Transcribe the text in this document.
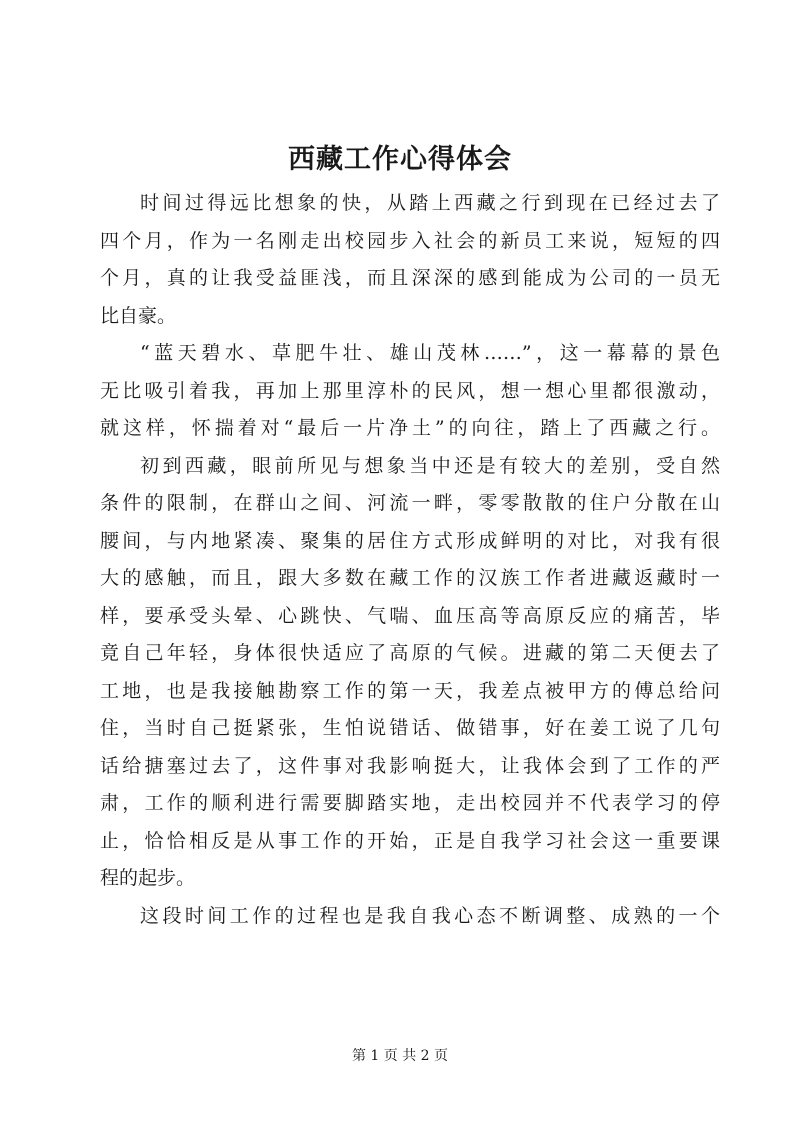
西藏工作心得体会
时间过得远比想象的快，从踏上西藏之行到现在已经过去了
四个月，作为一名刚走出校园步入社会的新员工来说，短短的四
个月，真的让我受益匪浅，而且深深的感到能成为公司的一员无
比自豪。
“蓝天碧水、草肥牛壮、雄山茂林……”，这一幕幕的景色
无比吸引着我，再加上那里淳朴的民风，想一想心里都很激动，
就这样，怀揣着对“最后一片净土”的向往，踏上了西藏之行。
初到西藏，眼前所见与想象当中还是有较大的差别，受自然
条件的限制，在群山之间、河流一畔，零零散散的住户分散在山
腰间，与内地紧凑、聚集的居住方式形成鲜明的对比，对我有很
大的感触，而且，跟大多数在藏工作的汉族工作者进藏返藏时一
样，要承受头晕、心跳快、气喘、血压高等高原反应的痛苦，毕
竟自己年轻，身体很快适应了高原的气候。进藏的第二天便去了
工地，也是我接触勘察工作的第一天，我差点被甲方的傅总给问
住，当时自己挺紧张，生怕说错话、做错事，好在姜工说了几句
话给搪塞过去了，这件事对我影响挺大，让我体会到了工作的严
肃，工作的顺利进行需要脚踏实地，走出校园并不代表学习的停
止，恰恰相反是从事工作的开始，正是自我学习社会这一重要课
程的起步。
这段时间工作的过程也是我自我心态不断调整、成熟的一个
第 1 页 共 2 页
